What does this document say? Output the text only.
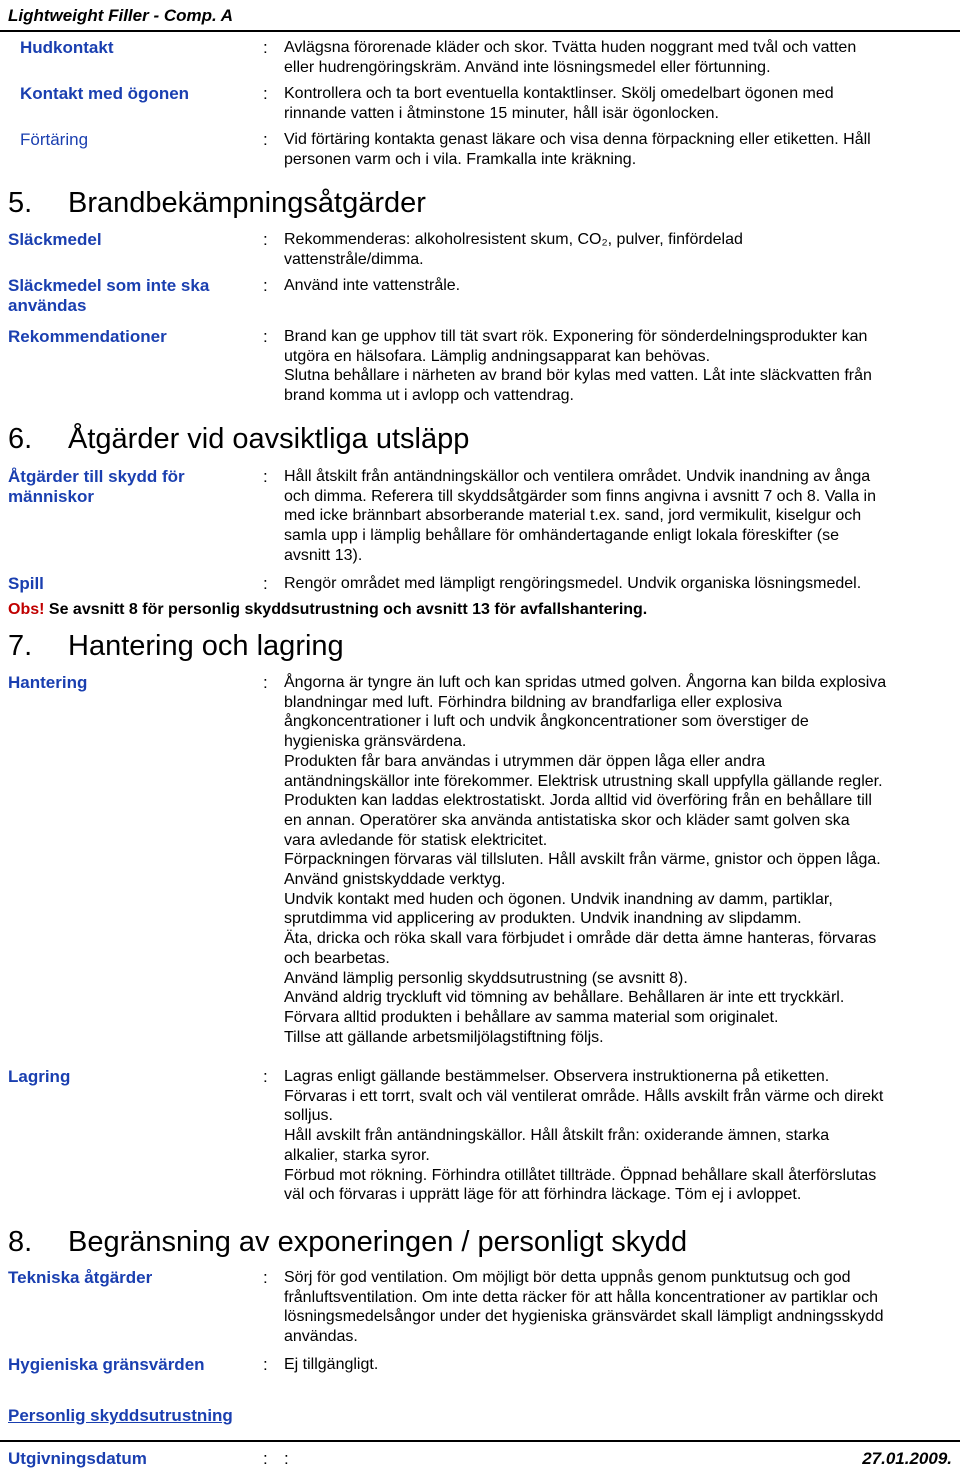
Lightweight Filler - Comp. A
Hudkontakt	: Avlägsna förorenade kläder och skor. Tvätta huden noggrant med tvål och vatten
eller hudrengöringskräm. Använd inte lösningsmedel eller förtunning.
Kontakt med ögonen	: Kontrollera och ta bort eventuella kontaktlinser. Skölj omedelbart ögonen med
rinnande vatten i åtminstone 15 minuter, håll isär ögonlocken.
Förtäring	: Vid förtäring kontakta genast läkare och visa denna förpackning eller etiketten. Håll
personen varm och i vila. Framkalla inte kräkning.
5. Brandbekämpningsåtgärder
Släckmedel	: Rekommenderas: alkoholresistent skum, CO₂, pulver, finfördelad
vattenstråle/dimma.
Släckmedel som inte ska användas
: Använd inte vattenstråle.
Rekommendationer	: Brand kan ge upphov till tät svart rök. Exponering för sönderdelningsprodukter kan
utgöra en hälsofara. Lämplig andningsapparat kan behövas.
Slutna behållare i närheten av brand bör kylas med vatten. Låt inte släckvatten från
brand komma ut i avlopp och vattendrag.
6. Åtgärder vid oavsiktliga utsläpp
Åtgärder till skydd för människor
: Håll åtskilt från antändningskällor och ventilera området. Undvik inandning av ånga
och dimma. Referera till skyddsåtgärder som finns angivna i avsnitt 7 och 8. Valla in
med icke brännbart absorberande material t.ex. sand, jord vermikulit, kiselgur och
samla upp i lämplig behållare för omhändertagande enligt lokala föreskifter (se
avsnitt 13).
Spill	: Rengör området med lämpligt rengöringsmedel. Undvik organiska lösningsmedel.
Obs! Se avsnitt 8 för personlig skyddsutrustning och avsnitt 13 för avfallshantering.
7. Hantering och lagring
Hantering	: Ångorna är tyngre än luft och kan spridas utmed golven. Ångorna kan bilda explosiva
blandningar med luft. Förhindra bildning av brandfarliga eller explosiva
ångkoncentrationer i luft och undvik ångkoncentrationer som överstiger de
hygieniska gränsvärdena.
Produkten får bara användas i utrymmen där öppen låga eller andra
antändningskällor inte förekommer. Elektrisk utrustning skall uppfylla gällande regler.
Produkten kan laddas elektrostatiskt. Jorda alltid vid överföring från en behållare till
en annan. Operatörer ska använda antistatiska skor och kläder samt golven ska
vara avledande för statisk elektricitet.
Förpackningen förvaras väl tillsluten. Håll avskilt från värme, gnistor och öppen låga.
Använd gnistskyddade verktyg.
Undvik kontakt med huden och ögonen. Undvik inandning av damm, partiklar,
sprutdimma vid applicering av produkten. Undvik inandning av slipdamm.
Äta, dricka och röka skall vara förbjudet i område där detta ämne hanteras, förvaras
och bearbetas.
Använd lämplig personlig skyddsutrustning (se avsnitt 8).
Använd aldrig tryckluft vid tömning av behållare. Behållaren är inte ett tryckkärl.
Förvara alltid produkten i behållare av samma material som originalet.
Tillse att gällande arbetsmiljölagstiftning följs.
Lagring	: Lagras enligt gällande bestämmelser. Observera instruktionerna på etiketten.
Förvaras i ett torrt, svalt och väl ventilerat område. Hålls avskilt från värme och direkt
solljus.
Håll avskilt från antändningskällor. Håll åtskilt från: oxiderande ämnen, starka
alkalier, starka syror.
Förbud mot rökning. Förhindra otillåtet tillträde. Öppnad behållare skall återförslutas
väl och förvaras i upprätt läge för att förhindra läckage. Töm ej i avloppet.
8. Begränsning av exponeringen / personligt skydd
Tekniska åtgärder	: Sörj för god ventilation. Om möjligt bör detta uppnås genom punktutsug och god
frånluftsventilation. Om inte detta räcker för att hålla koncentrationer av partiklar och
lösningsmedelsångor under det hygieniska gränsvärdet skall lämpligt andningsskydd
användas.
Hygieniska gränsvärden	: Ej tillgängligt.
Personlig skyddsutrustning
Utgivningsdatum	: :	27.01.2009.
